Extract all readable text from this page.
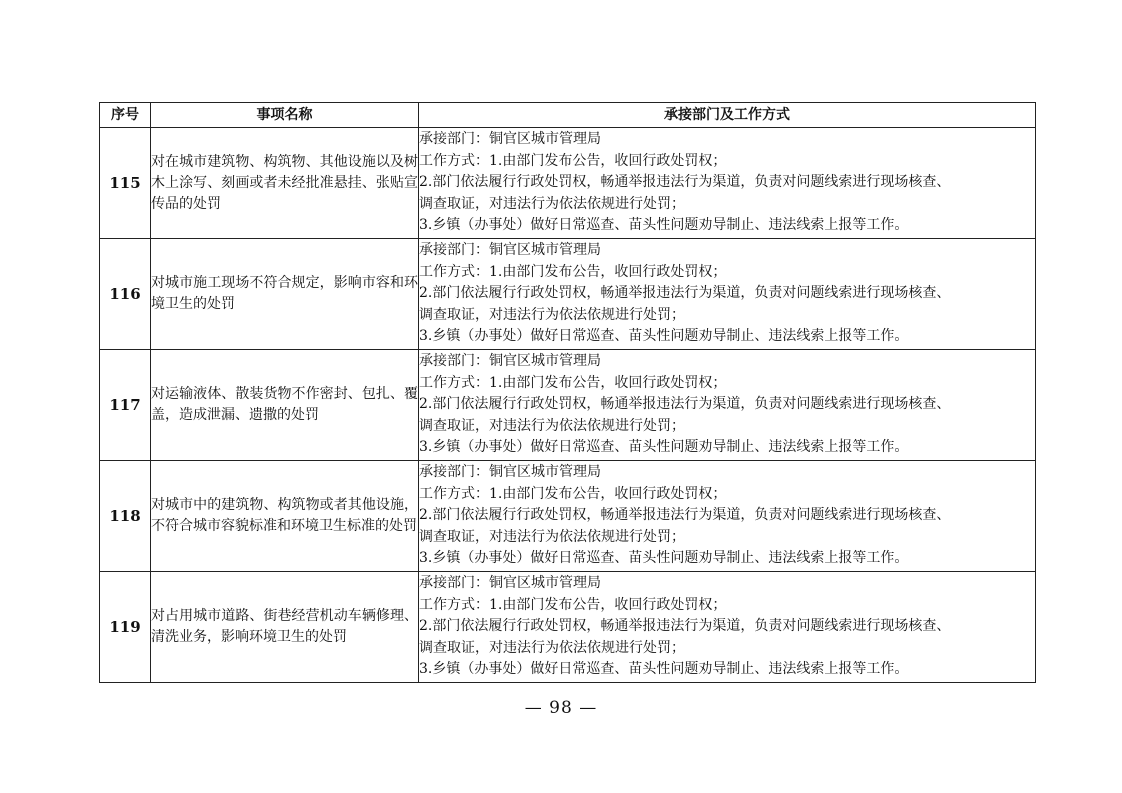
序号	事项名称	承接部门及工作方式
115	对在城市建筑物、构筑物、其他设施以及树木上涂写、刻画或者未经批准悬挂、张贴宣传品的处罚	承接部门：铜官区城市管理局
工作方式：1.由部门发布公告，收回行政处罚权；
2.部门依法履行行政处罚权，畅通举报违法行为渠道，负责对问题线索进行现场核查、
调查取证，对违法行为依法依规进行处罚；
3.乡镇（办事处）做好日常巡查、苗头性问题劝导制止、违法线索上报等工作。

116	对城市施工现场不符合规定，影响市容和环境卫生的处罚	承接部门：铜官区城市管理局
工作方式：1.由部门发布公告，收回行政处罚权；
2.部门依法履行行政处罚权，畅通举报违法行为渠道，负责对问题线索进行现场核查、
调查取证，对违法行为依法依规进行处罚；
3.乡镇（办事处）做好日常巡查、苗头性问题劝导制止、违法线索上报等工作。

117	对运输液体、散装货物不作密封、包扎、覆盖，造成泄漏、遗撒的处罚	承接部门：铜官区城市管理局
工作方式：1.由部门发布公告，收回行政处罚权；
2.部门依法履行行政处罚权，畅通举报违法行为渠道，负责对问题线索进行现场核查、
调查取证，对违法行为依法依规进行处罚；
3.乡镇（办事处）做好日常巡查、苗头性问题劝导制止、违法线索上报等工作。

118	对城市中的建筑物、构筑物或者其他设施，不符合城市容貌标准和环境卫生标准的处罚	承接部门：铜官区城市管理局
工作方式：1.由部门发布公告，收回行政处罚权；
2.部门依法履行行政处罚权，畅通举报违法行为渠道，负责对问题线索进行现场核查、
调查取证，对违法行为依法依规进行处罚；
3.乡镇（办事处）做好日常巡查、苗头性问题劝导制止、违法线索上报等工作。

119	对占用城市道路、街巷经营机动车辆修理、清洗业务，影响环境卫生的处罚	承接部门：铜官区城市管理局
工作方式：1.由部门发布公告，收回行政处罚权；
2.部门依法履行行政处罚权，畅通举报违法行为渠道，负责对问题线索进行现场核查、
调查取证，对违法行为依法依规进行处罚；
3.乡镇（办事处）做好日常巡查、苗头性问题劝导制止、违法线索上报等工作。
— 98 —
